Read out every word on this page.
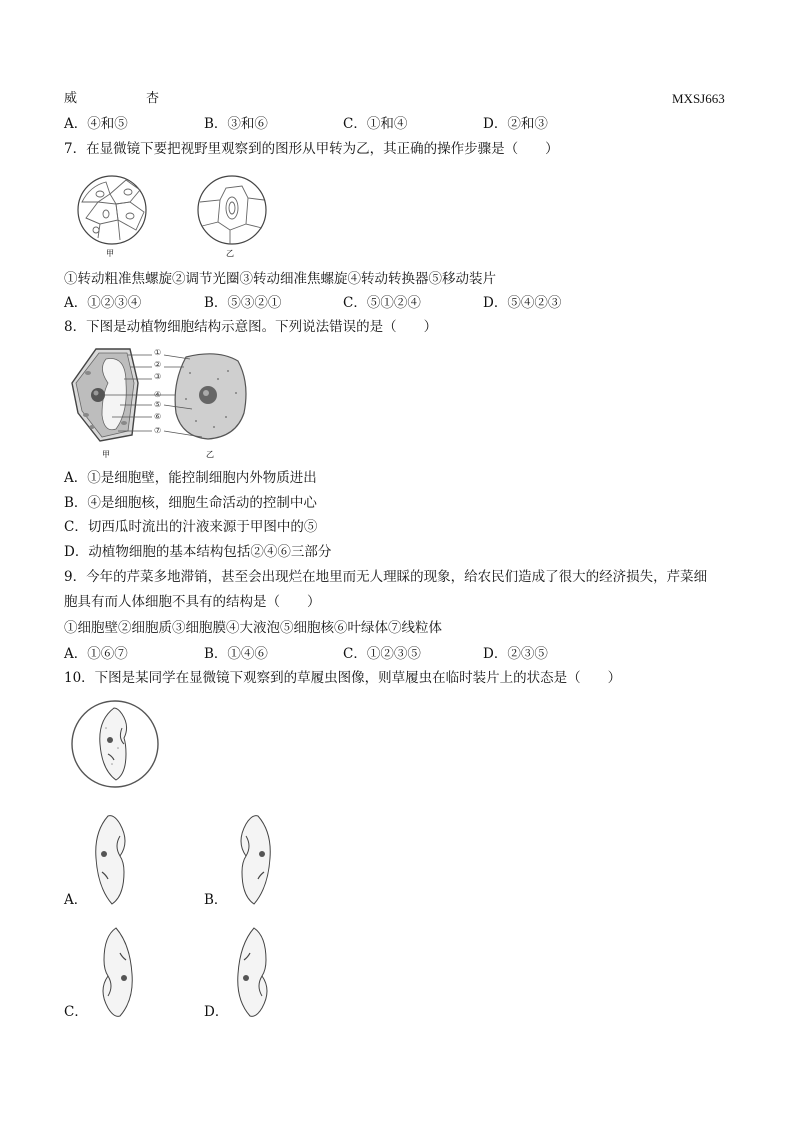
威	杏	MXSJ663
A．④和⑤	B．③和⑥	C．①和④	D．②和③
7．在显微镜下要把视野里观察到的图形从甲转为乙，其正确的操作步骤是（　　）
甲	乙
①转动粗准焦螺旋②调节光圈③转动细准焦螺旋④转动转换器⑤移动装片
A．①②③④	B．⑤③②①	C．⑤①②④	D．⑤④②③
8．下图是动植物细胞结构示意图。下列说法错误的是（　　）
甲	乙
①
②
③
④
⑤
⑥
⑦
A．①是细胞壁，能控制细胞内外物质进出
B．④是细胞核，细胞生命活动的控制中心
C．切西瓜时流出的汁液来源于甲图中的⑤
D．动植物细胞的基本结构包括②④⑥三部分
9．今年的芹菜多地滞销，甚至会出现烂在地里而无人理睬的现象，给农民们造成了很大的经济损失，芹菜细
胞具有而人体细胞不具有的结构是（　　）
①细胞壁②细胞质③细胞膜④大液泡⑤细胞核⑥叶绿体⑦线粒体
A．①⑥⑦	B．①④⑥	C．①②③⑤	D．②③⑤
10．下图是某同学在显微镜下观察到的草履虫图像，则草履虫在临时装片上的状态是（　　）
A．	B．
C．	D．
